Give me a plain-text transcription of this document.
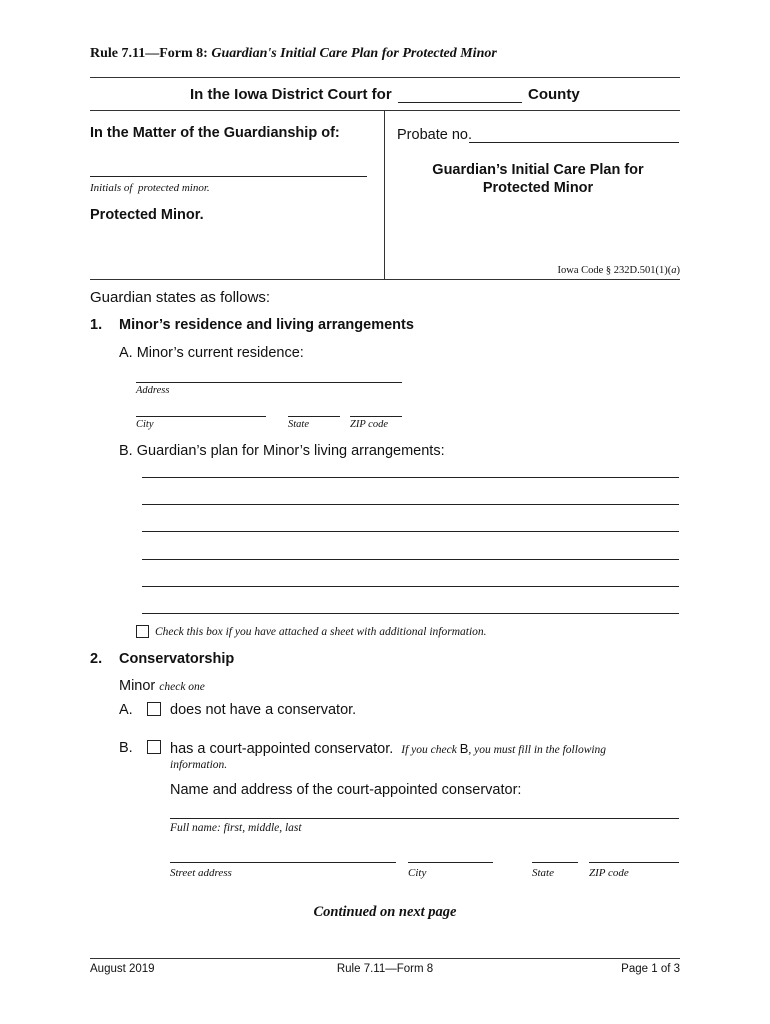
Rule 7.11—Form 8: Guardian's Initial Care Plan for Protected Minor
In the Iowa District Court for	County
In the Matter of the Guardianship of:
Initials of  protected minor.
Protected Minor.
Probate no.
Guardian’s Initial Care Plan for
Protected Minor
Iowa Code § 232D.501(1)(a)
Guardian states as follows:
1. Minor’s residence and living arrangements
A. Minor’s current residence:
Address
City	State	ZIP code
B. Guardian’s plan for Minor’s living arrangements:
Check this box if you have attached a sheet with additional information.
2. Conservatorship
Minor check one
A.	does not have a conservator.
B.	has a court-appointed conservator. If you check B, you must fill in the following
information.
Name and address of the court-appointed conservator:
Full name: first, middle, last
Street address	City	State	ZIP code
Continued on next page
August 2019	Rule 7.11—Form 8	Page 1 of 3
